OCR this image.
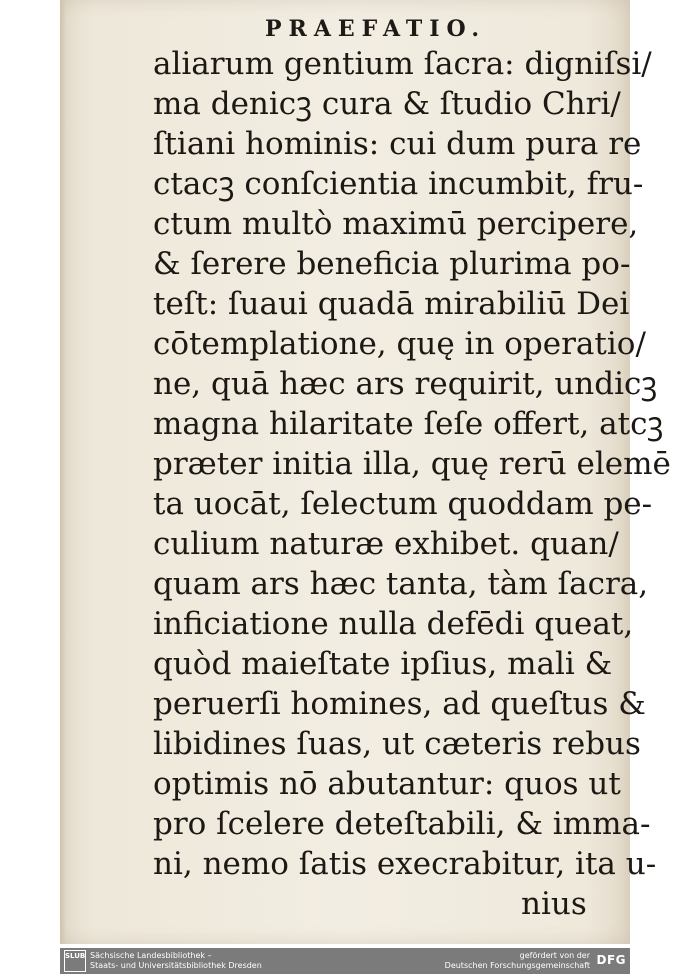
PRAEFATIO.
aliarum gentium ſacra: digniſsi/
ma denicꝫ cura & ſtudio Chri/
ſtiani hominis: cui dum pura re
ctacꝫ conſcientia incumbit, fru-
ctum multò maximū percipere,
& ſerere beneficia plurima po-
teſt: ſuaui quadā mirabiliū Dei
cōtemplatione, quę in operatio/
ne, quā hæc ars requirit, undicꝫ
magna hilaritate ſeſe offert, atcꝫ
præter initia illa, quę rerū elemē
ta uocāt, ſelectum quoddam pe-
culium naturæ exhibet. quan/
quam ars hæc tanta, tàm ſacra,
inficiatione nulla defēdi queat,
quòd maieſtate ipſius, mali &
peruerſi homines, ad queſtus &
libidines ſuas, ut cæteris rebus
optimis nō abutantur: quos ut
pro ſcelere deteſtabili, & imma-
ni, nemo ſatis execrabitur, ita u-
nius
SLUB Sächsische Landesbibliothek –
Staats- und Universitätsbibliothek Dresden
gefördert von der
Deutschen Forschungsgemeinschaft DFG
